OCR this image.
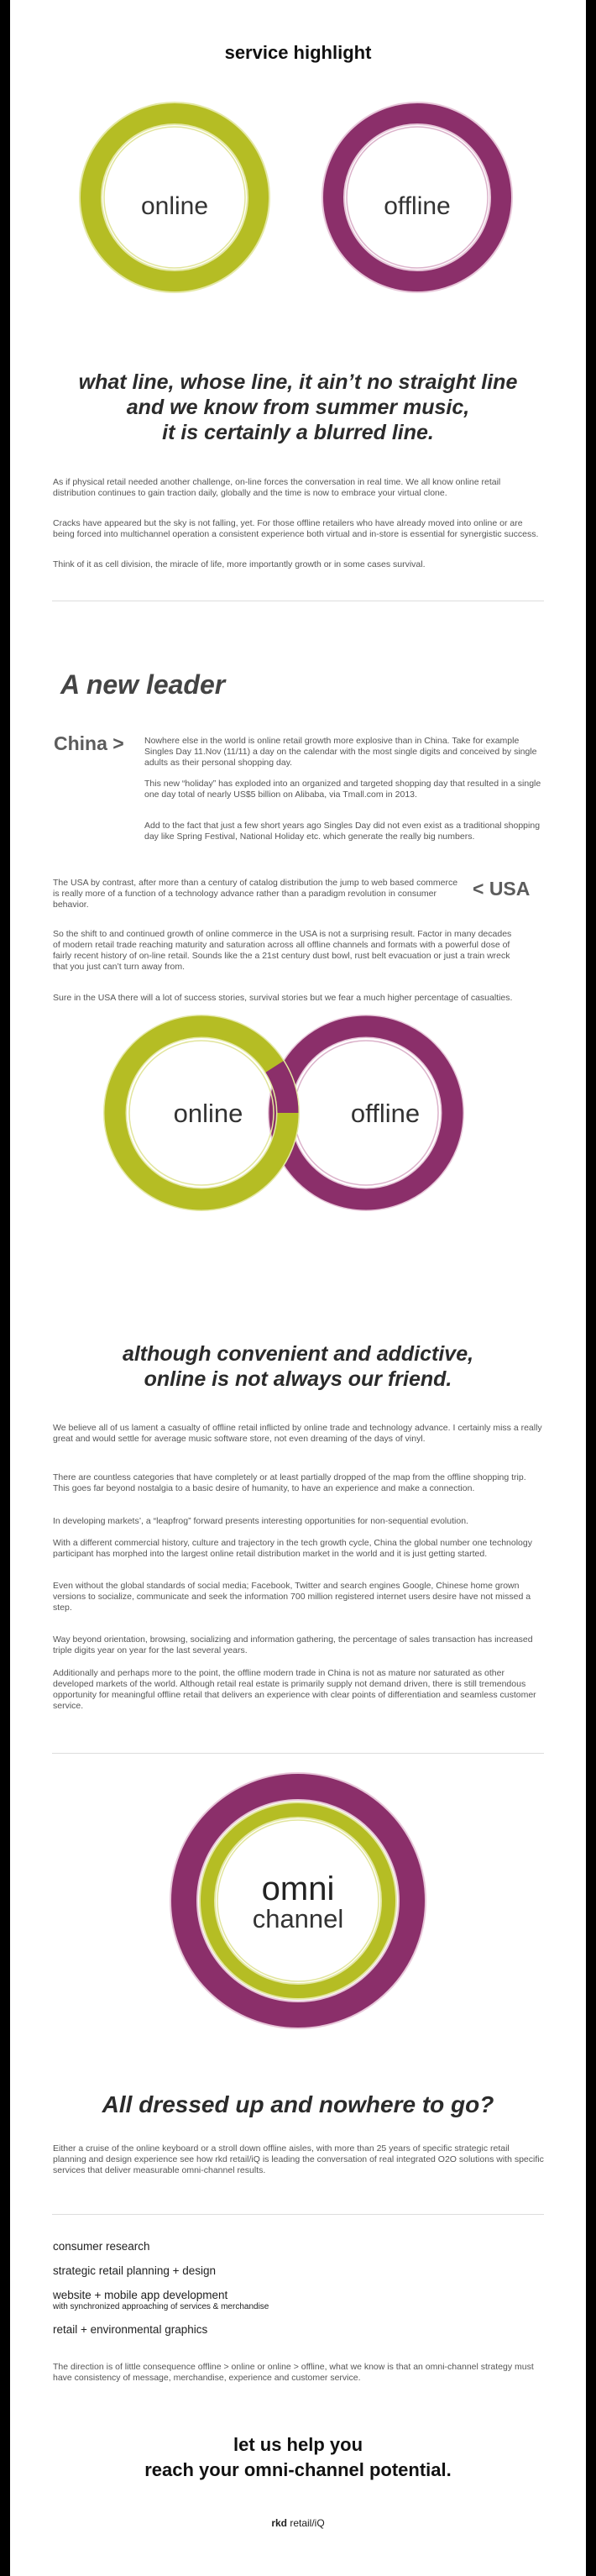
service highlight
online	offline
what line, whose line, it ain’t no straight line
and we know from summer music,
it is certainly a blurred line.

As if physical retail needed another challenge, on-line forces the conversation in real time. We all know online retail distribution continues to gain traction daily, globally and the time is now to embrace your virtual clone.

Cracks have appeared but the sky is not falling, yet. For those offline retailers who have already moved into online or are being forced into multichannel operation a consistent experience both virtual and in-store is essential for synergistic success.

Think of it as cell division, the miracle of life, more importantly growth or in some cases survival.

A new leader
China > Nowhere else in the world is online retail growth more explosive than in China. Take for example Singles Day 11.Nov (11/11) a day on the calendar with the most single digits and conceived by single adults as their personal shopping day.

This new “holiday” has exploded into an organized and targeted shopping day that resulted in a single one day total of nearly US$5 billion on Alibaba, via Tmall.com in 2013.

Add to the fact that just a few short years ago Singles Day did not even exist as a traditional shopping day like Spring Festival, National Holiday etc. which generate the really big numbers.

The USA by contrast, after more than a century of catalog distribution the jump to web based commerce is really more of a function of a technology advance rather than a paradigm revolution in consumer behavior.

< USA

So the shift to and continued growth of online commerce in the USA is not a surprising result. Factor in many decades of modern retail trade reaching maturity and saturation across all offline channels and formats with a powerful dose of fairly recent history of on-line retail. Sounds like the a 21st century dust bowl, rust belt evacuation or just a train wreck that you just can’t turn away from.

Sure in the USA there will a lot of success stories, survival stories but we fear a much higher percentage of casualties.

online	offline
although convenient and addictive,
online is not always our friend.

We believe all of us lament a casualty of offline retail inflicted by online trade and technology advance. I certainly miss a really great and would settle for average music software store, not even dreaming of the days of vinyl.

There are countless categories that have completely or at least partially dropped of the map from the offline shopping trip. This goes far beyond nostalgia to a basic desire of humanity, to have an experience and make a connection.

In developing markets’, a “leapfrog” forward presents interesting opportunities for non-sequential evolution.

With a different commercial history, culture and trajectory in the tech growth cycle, China the global number one technology participant has morphed into the largest online retail distribution market in the world and it is just getting started.

Even without the global standards of social media; Facebook, Twitter and search engines Google, Chinese home grown versions to socialize, communicate and seek the information 700 million registered internet users desire have not missed a step.

Way beyond orientation, browsing, socializing and information gathering, the percentage of sales transaction has increased triple digits year on year for the last several years.

Additionally and perhaps more to the point, the offline modern trade in China is not as mature nor saturated as other developed markets of the world. Although retail real estate is primarily supply not demand driven, there is still tremendous opportunity for meaningful offline retail that delivers an experience with clear points of differentiation and seamless customer service.

omni
channel
All dressed up and nowhere to go?

Either a cruise of the online keyboard or a stroll down offline aisles, with more than 25 years of specific strategic retail planning and design experience see how rkd retail/iQ is leading the conversation of real integrated O2O solutions with specific services that deliver measurable omni-channel results.

consumer research
strategic retail planning + design
website + mobile app development
with synchronized approaching of services & merchandise
retail + environmental graphics

The direction is of little consequence offline > online or online > offline, what we know is that an omni-channel strategy must have consistency of message, merchandise, experience and customer service.

let us help you
reach your omni-channel potential.
rkd retail/iQ
